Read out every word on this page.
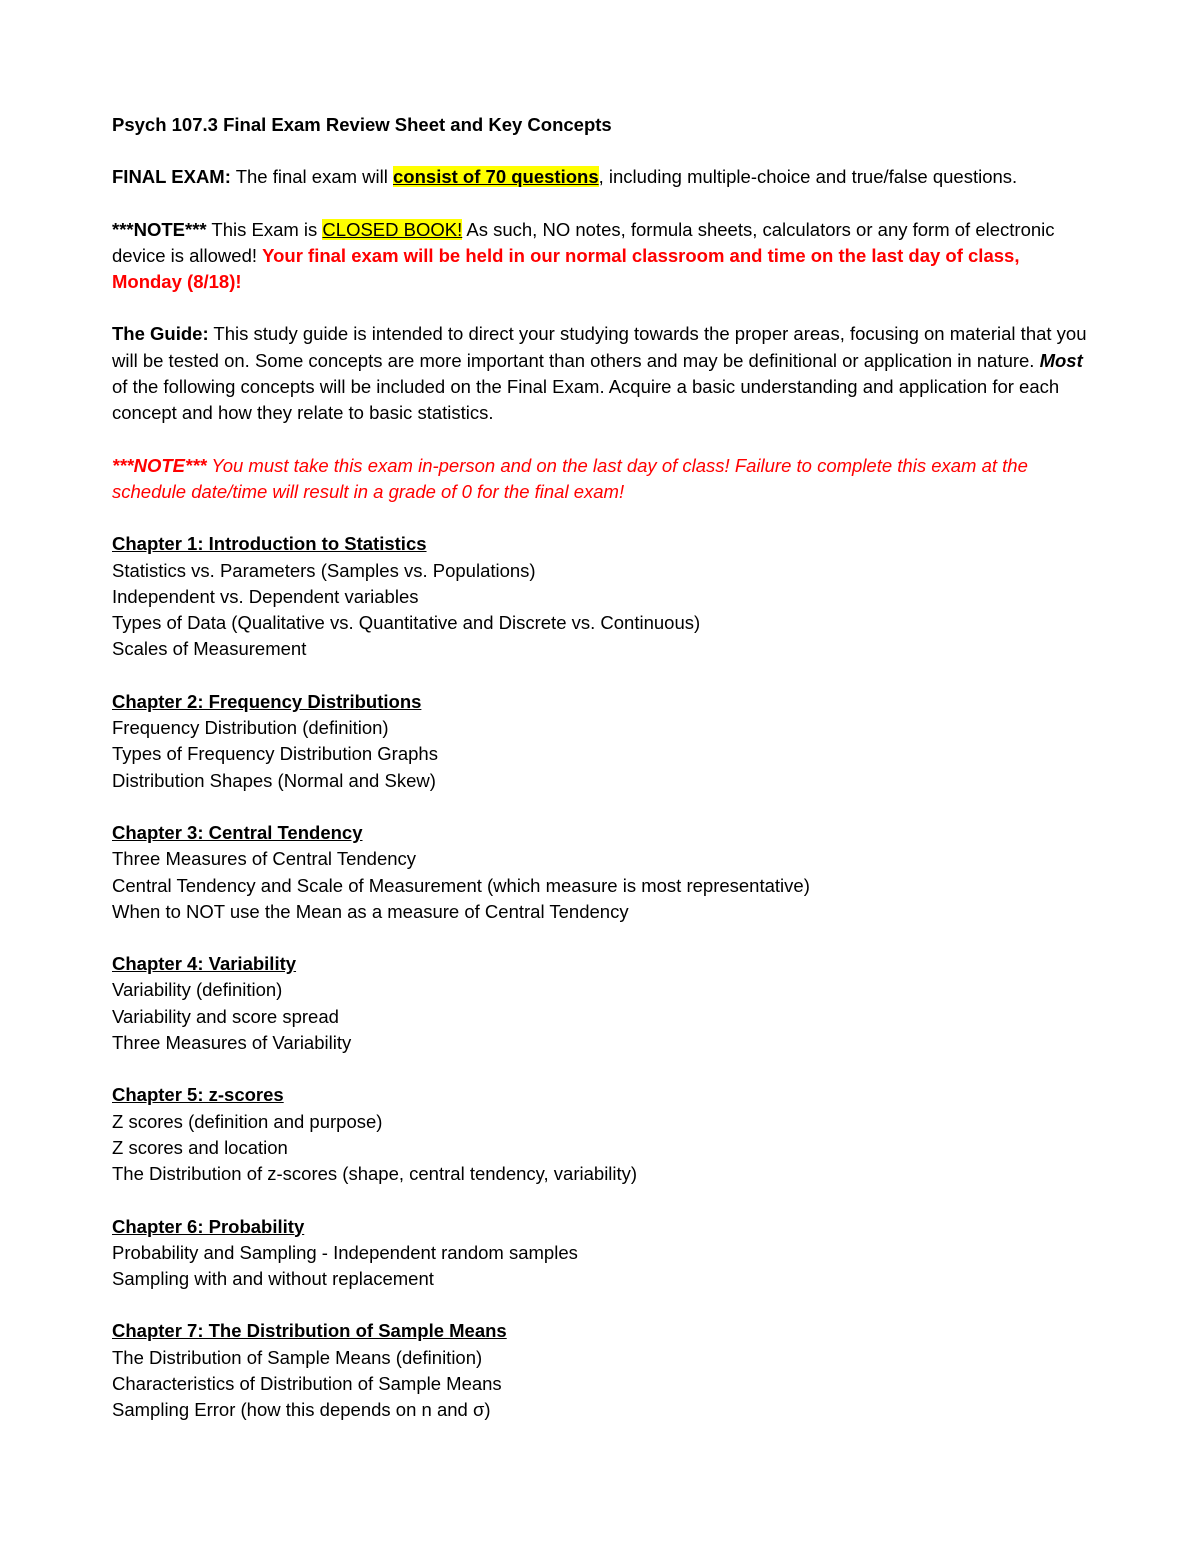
Psych 107.3 Final Exam Review Sheet and Key Concepts

FINAL EXAM: The final exam will consist of 70 questions, including multiple-choice and true/false questions.

***NOTE*** This Exam is CLOSED BOOK! As such, NO notes, formula sheets, calculators or any form of electronic device is allowed! Your final exam will be held in our normal classroom and time on the last day of class, Monday (8/18)!

The Guide: This study guide is intended to direct your studying towards the proper areas, focusing on material that you will be tested on. Some concepts are more important than others and may be definitional or application in nature. Most of the following concepts will be included on the Final Exam. Acquire a basic understanding and application for each concept and how they relate to basic statistics.

***NOTE*** You must take this exam in-person and on the last day of class! Failure to complete this exam at the schedule date/time will result in a grade of 0 for the final exam!

Chapter 1: Introduction to Statistics
Statistics vs. Parameters (Samples vs. Populations)
Independent vs. Dependent variables
Types of Data (Qualitative vs. Quantitative and Discrete vs. Continuous)
Scales of Measurement
Chapter 2: Frequency Distributions
Frequency Distribution (definition)
Types of Frequency Distribution Graphs
Distribution Shapes (Normal and Skew)
Chapter 3: Central Tendency
Three Measures of Central Tendency
Central Tendency and Scale of Measurement (which measure is most representative)
When to NOT use the Mean as a measure of Central Tendency
Chapter 4: Variability
Variability (definition)
Variability and score spread
Three Measures of Variability
Chapter 5: z-scores
Z scores (definition and purpose)
Z scores and location
The Distribution of z-scores (shape, central tendency, variability)
Chapter 6: Probability
Probability and Sampling - Independent random samples
Sampling with and without replacement
Chapter 7: The Distribution of Sample Means
The Distribution of Sample Means (definition)
Characteristics of Distribution of Sample Means
Sampling Error (how this depends on n and σ)
